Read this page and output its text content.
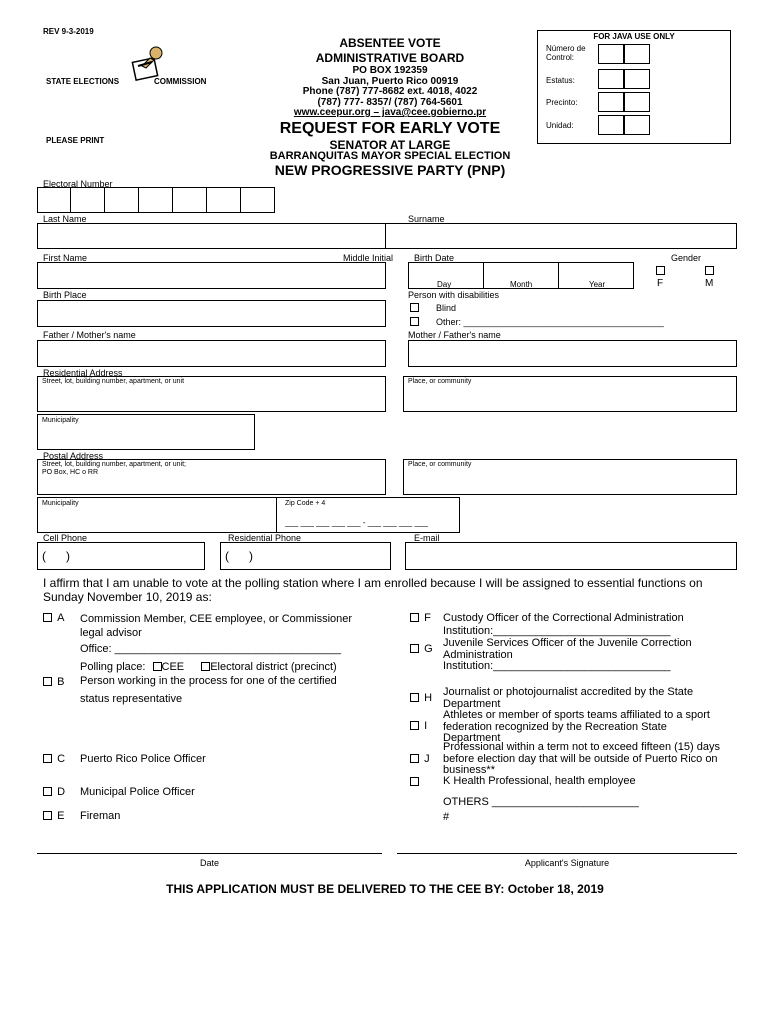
REV 9-3-2019
STATE ELECTIONS	COMMISSION
ABSENTEE VOTE
ADMINISTRATIVE BOARD
PO BOX 192359
San Juan, Puerto Rico 00919
Phone (787) 777-8682 ext. 4018, 4022
(787) 777- 8357/ (787) 764-5601
www.ceepur.org – java@cee.gobierno.pr
FOR JAVA USE ONLY
Número de Control:
Estatus:
Precinto:
Unidad:
PLEASE PRINT
REQUEST FOR EARLY VOTE
SENATOR AT LARGE
BARRANQUITAS MAYOR SPECIAL ELECTION
NEW PROGRESSIVE PARTY (PNP)
Electoral Number
Last Name	Surname
First Name	Middle Initial Birth Date	Gender
Day	Month	Year	F	M
Birth Place	Person with disabilities
Blind
Other: ________________________________________
Father / Mother's name	Mother / Father's name
Residential Address
Street, lot, building number, apartment, or unit	Place, or community
Municipality
Postal Address
Street, lot, building number, apartment, or unit;
PO Box, HC o RR
Place, or community
Municipality	Zip Code + 4
___ ___ ___ ___ ___ - ___ ___ ___ ___
Cell Phone	Residential Phone	E-mail
(      )	(      )
I affirm that I am unable to vote at the polling station where I am enrolled because I will be assigned to essential functions on Sunday November 10, 2019 as:
A	Commission Member, CEE employee, or Commissioner
legal advisor
Office: _____________________________________
Polling place: CEE Electoral district (precinct)
B Person working in the process for one of the certified
status representative
C Puerto Rico Police Officer
D Municipal Police Officer
E Fireman
F Custody Officer of the Correctional Administration
Institution:_____________________________
G Juvenile Services Officer of the Juvenile Correction
Administration
Institution:_____________________________
H Journalist or photojournalist accredited by the State
Department
I
Athletes or member of sports teams affiliated to a sport
federation recognized by the Recreation State
Department
J
Professional within a term not to exceed fifteen (15) days
before election day that will be outside of Puerto Rico on
business**
K Health Professional, health employee
OTHERS ________________________
#
Date	Applicant's Signature
THIS APPLICATION MUST BE DELIVERED TO THE CEE BY: October 18, 2019
